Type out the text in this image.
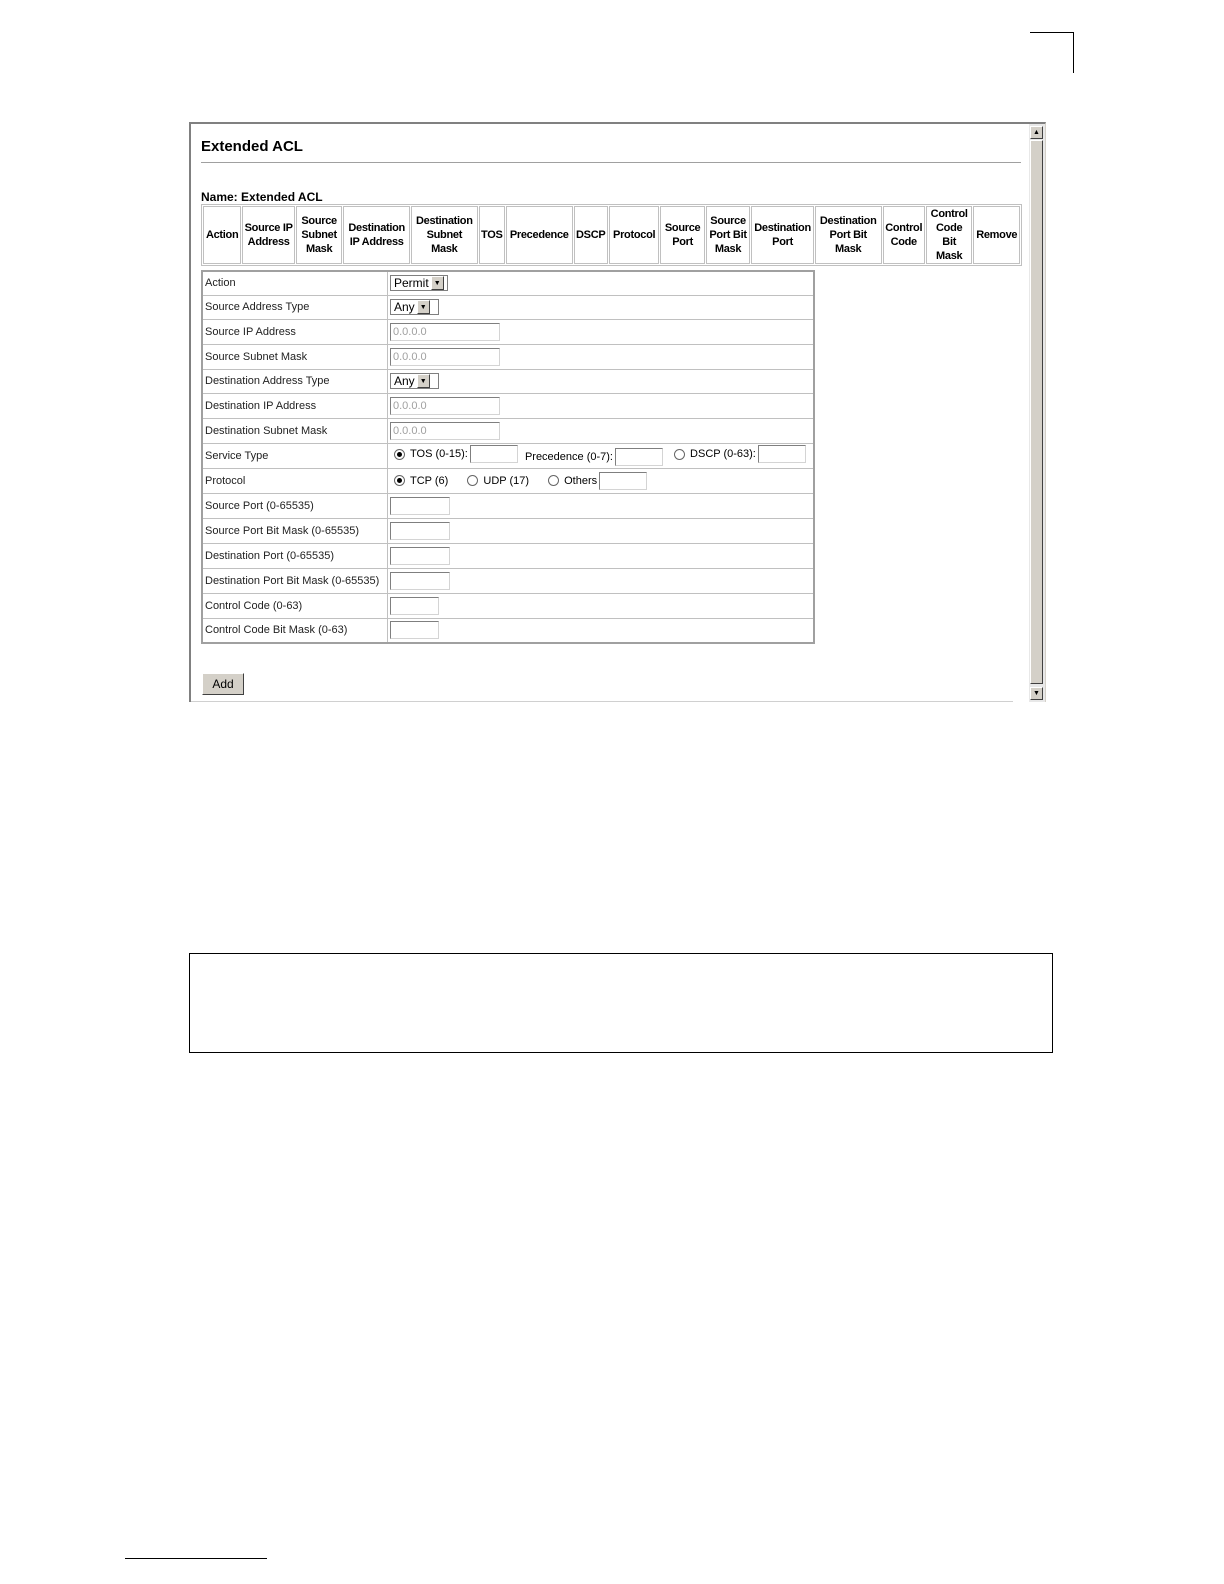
Extended ACL
Name: Extended ACL
Action	Source IP Address	Source Subnet Mask	Destination IP Address	Destination Subnet Mask	TOS	Precedence	DSCP	Protocol	Source Port	Source Port Bit Mask	Destination Port	Destination Port Bit Mask	Control Code	Control Code Bit Mask	Remove
Action	Permit ▼

Source Address Type	Any ▼

Source IP Address	0.0.0.0
Source Subnet Mask	0.0.0.0
Destination Address Type	Any ▼

Destination IP Address	0.0.0.0
Destination Subnet Mask	0.0.0.0
Service Type	TOS (0-15):
Precedence (0-7):
DSCP (0-63):

Protocol	TCP (6)
UDP (17)
Others

Source Port (0-65535)	
Source Port Bit Mask (0-65535)	
Destination Port (0-65535)	
Destination Port Bit Mask (0-65535)	
Control Code (0-63)	
Control Code Bit Mask (0-63)	
Add
▲
▼
